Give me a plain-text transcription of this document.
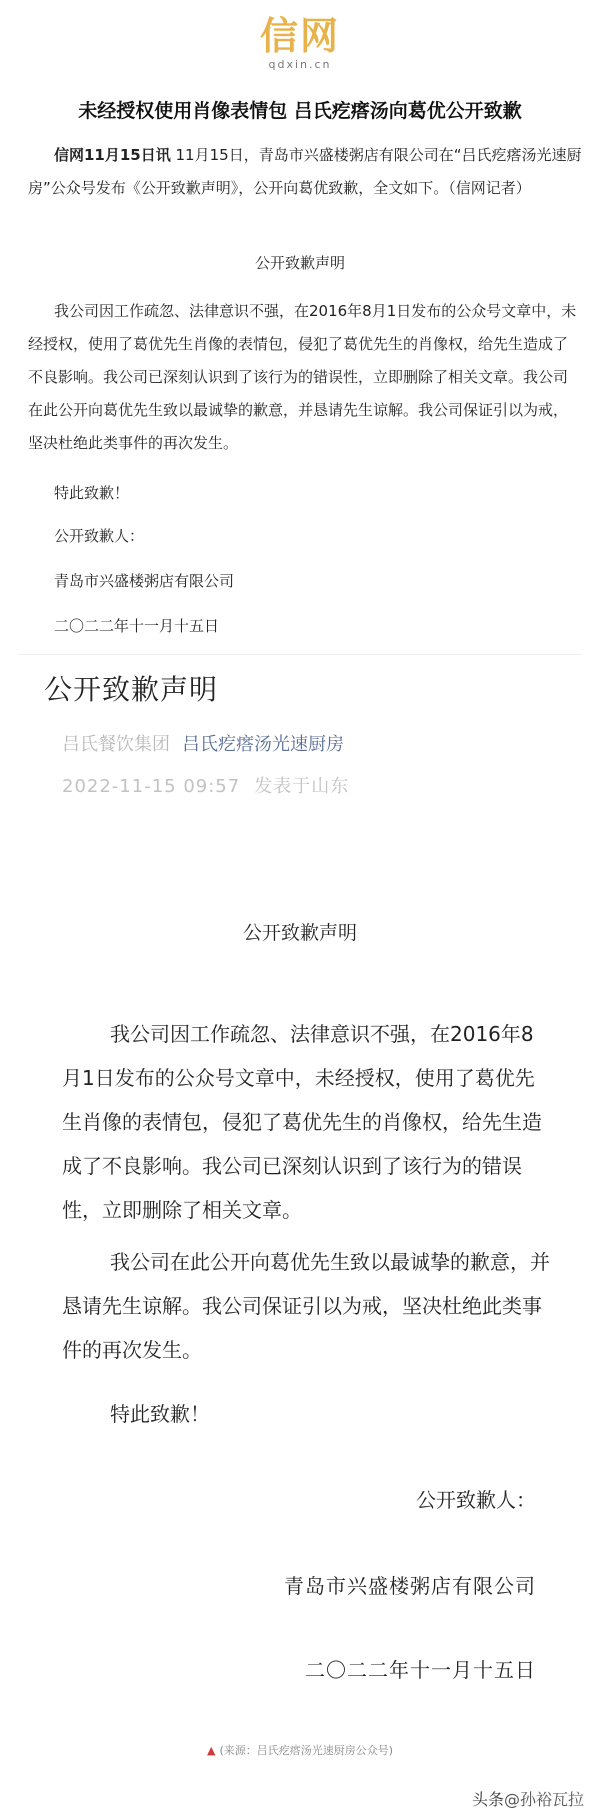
信网
qdxin.cn
未经授权使用肖像表情包 吕氏疙瘩汤向葛优公开致歉
信网11月15日讯 11月15日，青岛市兴盛楼粥店有限公司在“吕氏疙瘩汤光速厨房”公众号发布《公开致歉声明》，公开向葛优致歉，全文如下。（信网记者）
公开致歉声明
我公司因工作疏忽、法律意识不强，在2016年8月1日发布的公众号文章中，未经授权，使用了葛优先生肖像的表情包，侵犯了葛优先生的肖像权，给先生造成了不良影响。我公司已深刻认识到了该行为的错误性，立即删除了相关文章。我公司在此公开向葛优先生致以最诚挚的歉意，并恳请先生谅解。我公司保证引以为戒，坚决杜绝此类事件的再次发生。
特此致歉！
公开致歉人：
青岛市兴盛楼粥店有限公司
二〇二二年十一月十五日
公开致歉声明
吕氏餐饮集团 吕氏疙瘩汤光速厨房
2022-11-15 09:57 发表于山东
公开致歉声明
我公司因工作疏忽、法律意识不强，在2016年8月1日发布的公众号文章中，未经授权，使用了葛优先生肖像的表情包，侵犯了葛优先生的肖像权，给先生造成了不良影响。我公司已深刻认识到了该行为的错误性，立即删除了相关文章。
我公司在此公开向葛优先生致以最诚挚的歉意，并恳请先生谅解。我公司保证引以为戒，坚决杜绝此类事件的再次发生。
特此致歉！
公开致歉人：
青岛市兴盛楼粥店有限公司
二〇二二年十一月十五日
▲ (来源：吕氏疙瘩汤光速厨房公众号)
头条@孙裕瓦拉
